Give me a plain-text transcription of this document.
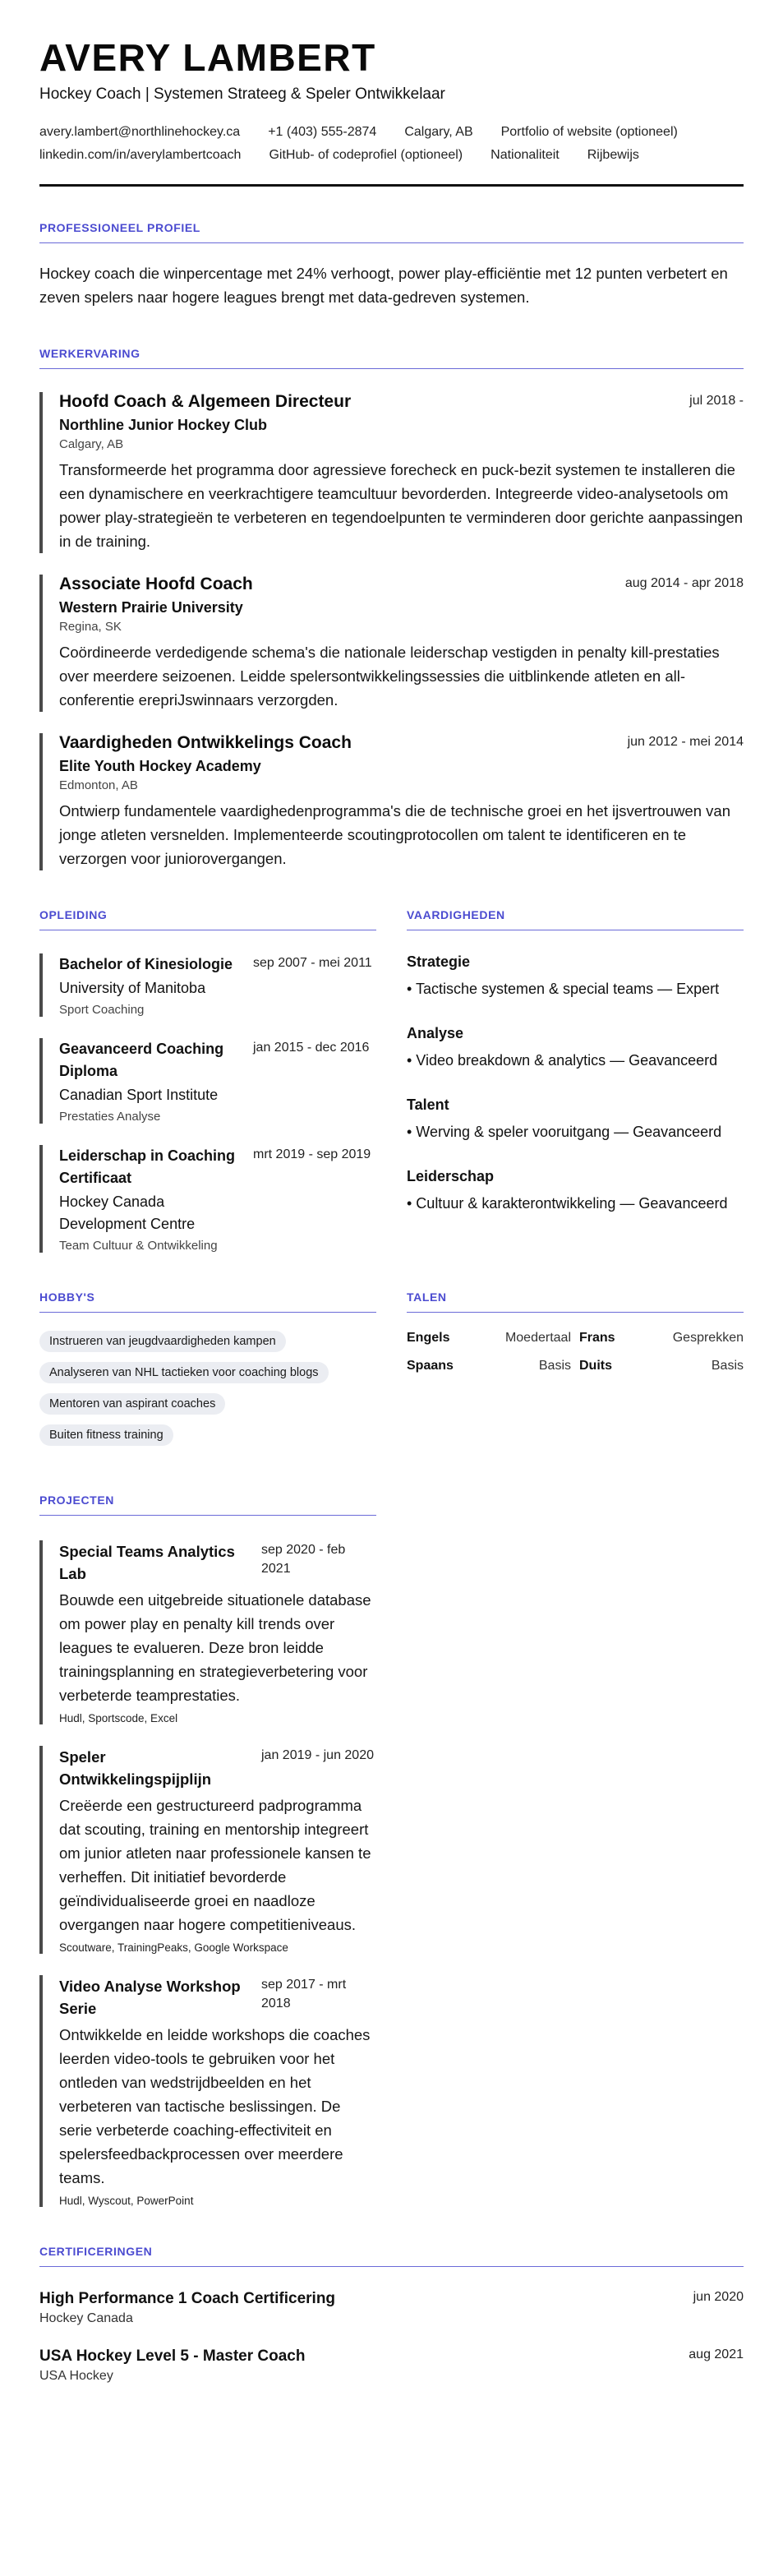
AVERY LAMBERT
Hockey Coach | Systemen Strateeg & Speler Ontwikkelaar
avery.lambert@northlinehockey.ca +1 (403) 555-2874 Calgary, AB Portfolio of website (optioneel)
linkedin.com/in/averylambertcoach GitHub- of codeprofiel (optioneel) Nationaliteit Rijbewijs
PROFESSIONEEL PROFIEL

Hockey coach die winpercentage met 24% verhoogt, power play-efficiëntie met 12 punten verbetert en zeven spelers naar hogere leagues brengt met data-gedreven systemen.

WERKERVARING
Hoofd Coach & Algemeen Directeur	jul 2018 -
Northline Junior Hockey Club
Calgary, AB

Transformeerde het programma door agressieve forecheck en puck-bezit systemen te installeren die een dynamischere en veerkrachtigere teamcultuur bevorderden. Integreerde video-analysetools om power play-strategieën te verbeteren en tegendoelpunten te verminderen door gerichte aanpassingen in de training.

Associate Hoofd Coach	aug 2014 - apr 2018
Western Prairie University
Regina, SK

Coördineerde verdedigende schema's die nationale leiderschap vestigden in penalty kill-prestaties over meerdere seizoenen. Leidde spelersontwikkelingssessies die uitblinkende atleten en all-conferentie erepriJswinnaars verzorgden.

Vaardigheden Ontwikkelings Coach	jun 2012 - mei 2014
Elite Youth Hockey Academy
Edmonton, AB

Ontwierp fundamentele vaardighedenprogramma's die de technische groei en het ijsvertrouwen van jonge atleten versnelden. Implementeerde scoutingprotocollen om talent te identificeren en te verzorgen voor juniorovergangen.

OPLEIDING
Bachelor of Kinesiologie
University of Manitoba
Sport Coaching
sep 2007 - mei 2011
Geavanceerd Coaching Diploma
Canadian Sport Institute
Prestaties Analyse
jan 2015 - dec 2016
Leiderschap in Coaching Certificaat
Hockey Canada Development Centre
Team Cultuur & Ontwikkeling
mrt 2019 - sep 2019
VAARDIGHEDEN
Strategie
• Tactische systemen & special teams — Expert
Analyse
• Video breakdown & analytics — Geavanceerd
Talent
• Werving & speler vooruitgang — Geavanceerd
Leiderschap
• Cultuur & karakterontwikkeling — Geavanceerd
HOBBY'S
Instrueren van jeugdvaardigheden kampen
Analyseren van NHL tactieken voor coaching blogs
Mentoren van aspirant coaches
Buiten fitness training
TALEN
Engels	Moedertaal Frans	Gesprekken
Spaans	Basis Duits	Basis
PROJECTEN
Special Teams Analytics Lab
sep 2020 - feb 2021

Bouwde een uitgebreide situationele database om power play en penalty kill trends over leagues te evalueren. Deze bron leidde trainingsplanning en strategieverbetering voor verbeterde teamprestaties.

Hudl, Sportscode, Excel
Speler Ontwikkelingspijplijn
jan 2019 - jun 2020

Creëerde een gestructureerd padprogramma dat scouting, training en mentorship integreert om junior atleten naar professionele kansen te verheffen. Dit initiatief bevorderde geïndividualiseerde groei en naadloze overgangen naar hogere competitieniveaus.

Scoutware, TrainingPeaks, Google Workspace
Video Analyse Workshop Serie
sep 2017 - mrt 2018

Ontwikkelde en leidde workshops die coaches leerden video-tools te gebruiken voor het ontleden van wedstrijdbeelden en het verbeteren van tactische beslissingen. De serie verbeterde coaching-effectiviteit en spelersfeedbackprocessen over meerdere teams.

Hudl, Wyscout, PowerPoint
CERTIFICERINGEN
High Performance 1 Coach Certificering	jun 2020
Hockey Canada
USA Hockey Level 5 - Master Coach	aug 2021
USA Hockey
